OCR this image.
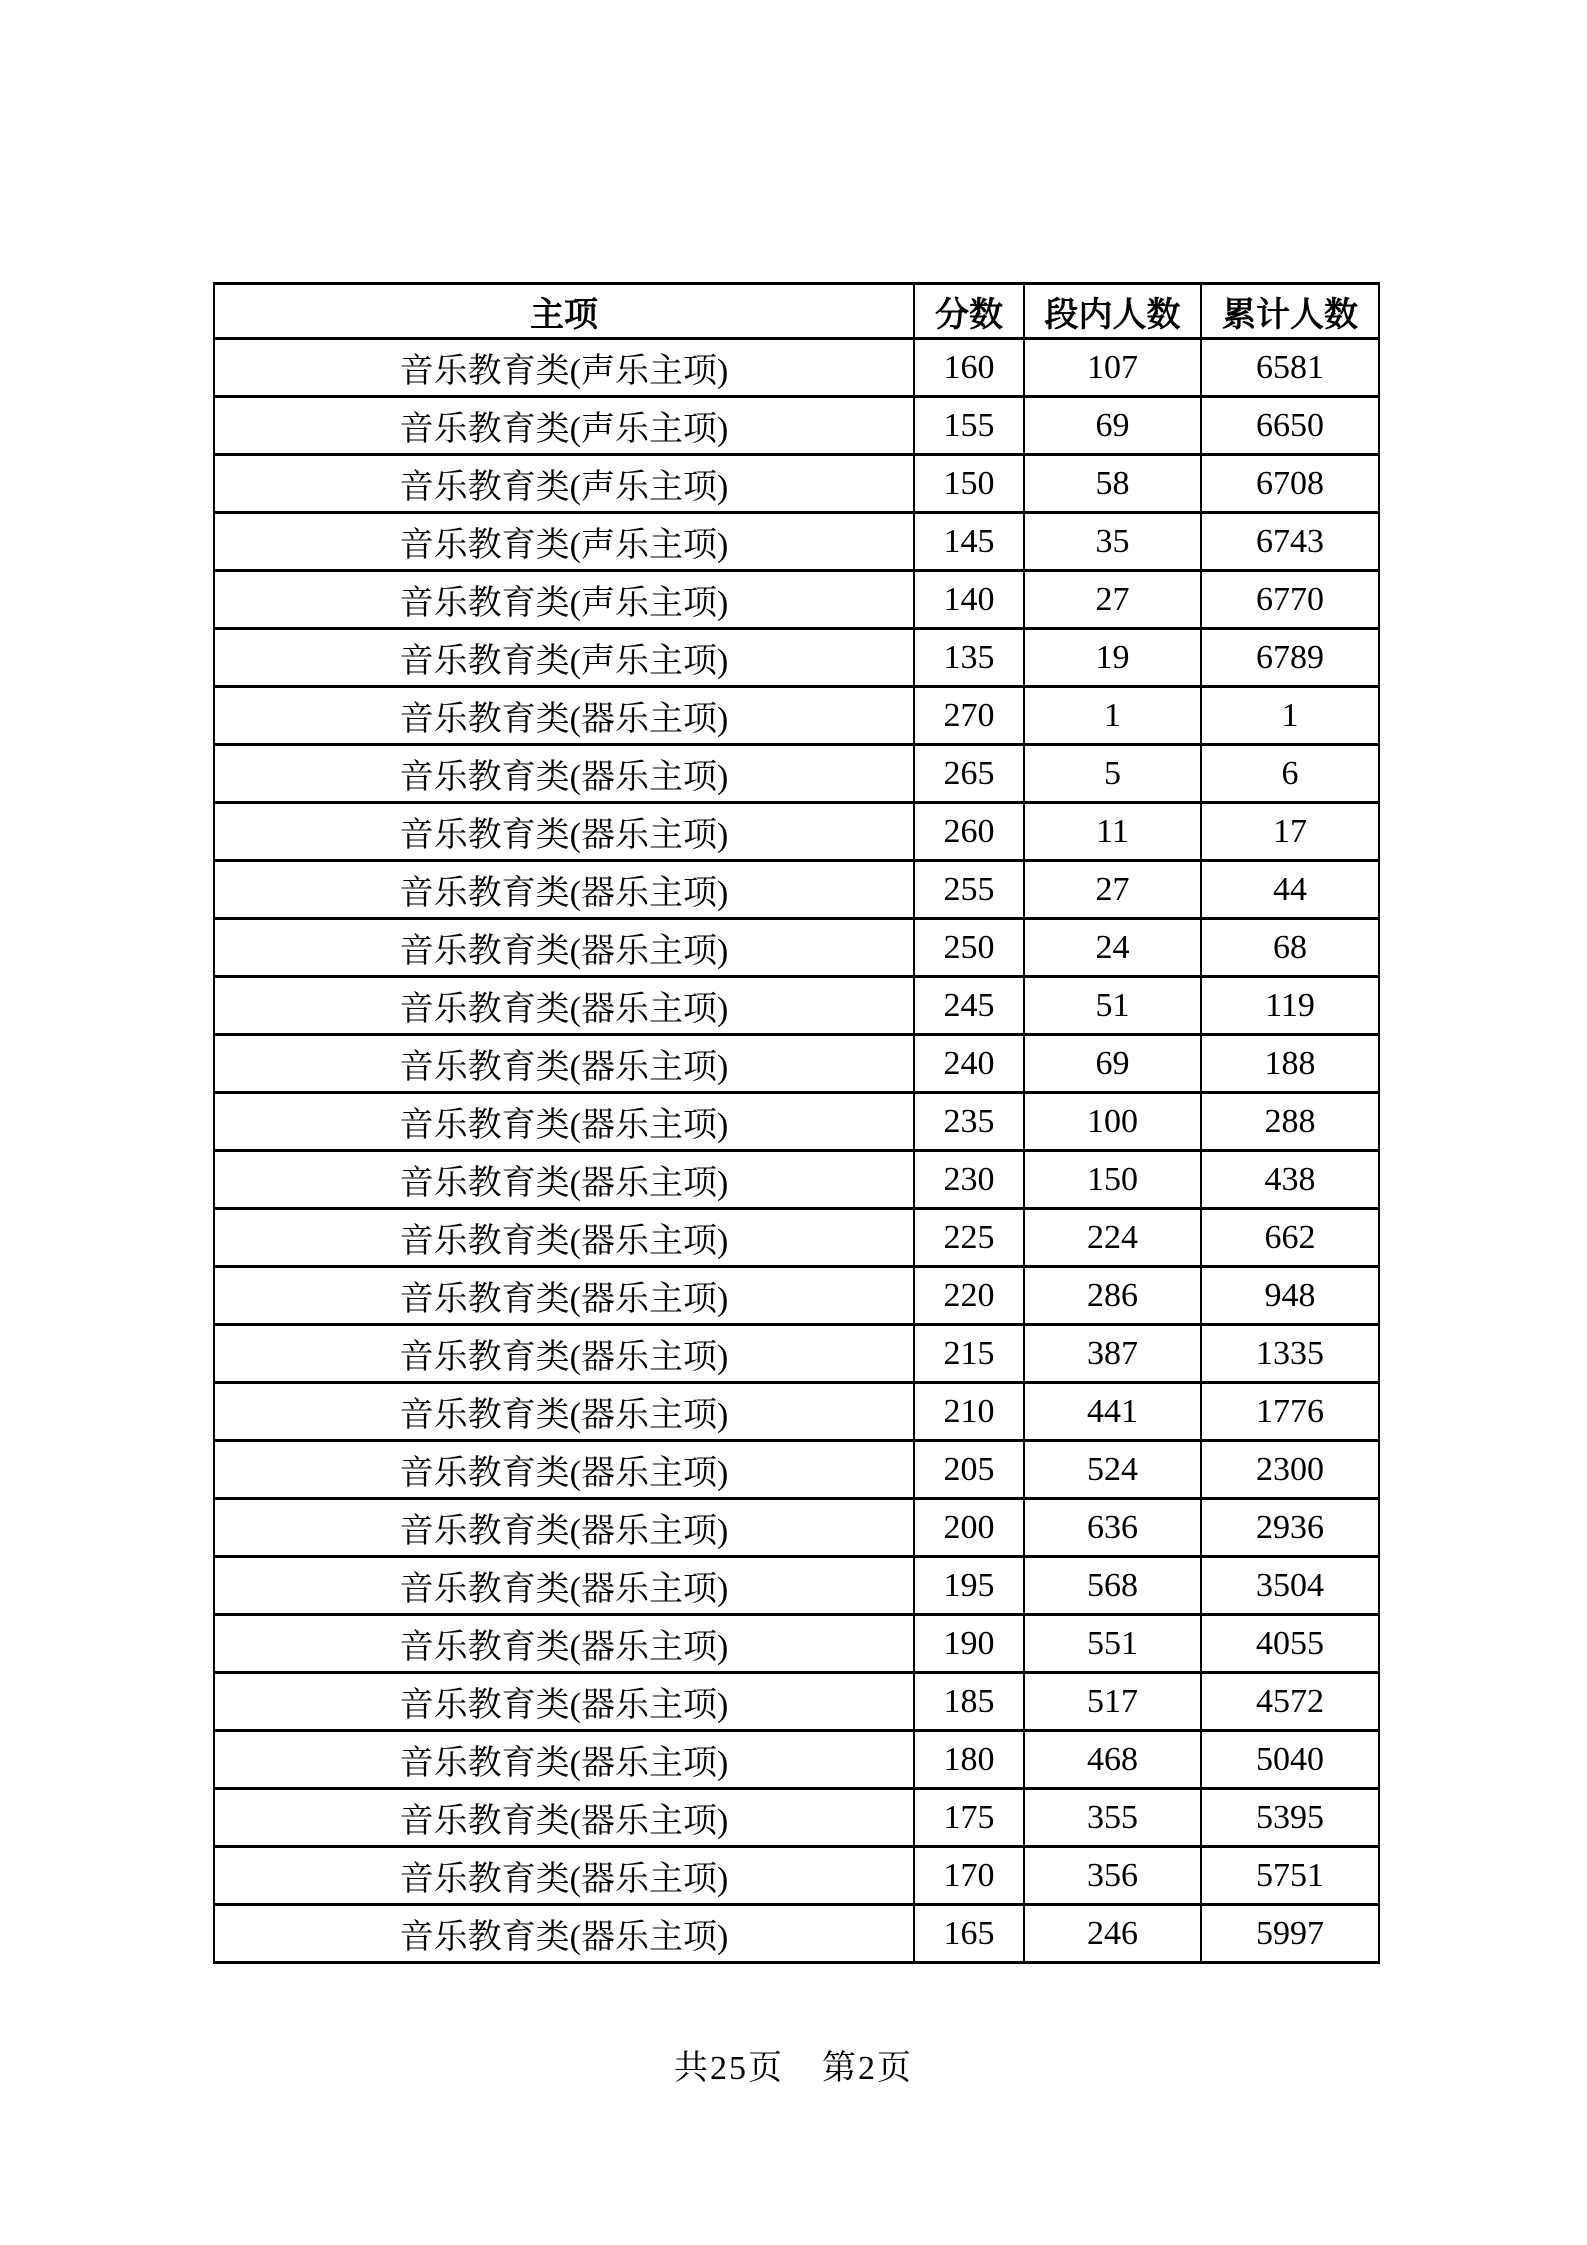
主项	分数	段内人数	累计人数
音乐教育类(声乐主项)	160	107	6581
音乐教育类(声乐主项)	155	69	6650
音乐教育类(声乐主项)	150	58	6708
音乐教育类(声乐主项)	145	35	6743
音乐教育类(声乐主项)	140	27	6770
音乐教育类(声乐主项)	135	19	6789
音乐教育类(器乐主项)	270	1	1
音乐教育类(器乐主项)	265	5	6
音乐教育类(器乐主项)	260	11	17
音乐教育类(器乐主项)	255	27	44
音乐教育类(器乐主项)	250	24	68
音乐教育类(器乐主项)	245	51	119
音乐教育类(器乐主项)	240	69	188
音乐教育类(器乐主项)	235	100	288
音乐教育类(器乐主项)	230	150	438
音乐教育类(器乐主项)	225	224	662
音乐教育类(器乐主项)	220	286	948
音乐教育类(器乐主项)	215	387	1335
音乐教育类(器乐主项)	210	441	1776
音乐教育类(器乐主项)	205	524	2300
音乐教育类(器乐主项)	200	636	2936
音乐教育类(器乐主项)	195	568	3504
音乐教育类(器乐主项)	190	551	4055
音乐教育类(器乐主项)	185	517	4572
音乐教育类(器乐主项)	180	468	5040
音乐教育类(器乐主项)	175	355	5395
音乐教育类(器乐主项)	170	356	5751
音乐教育类(器乐主项)	165	246	5997
共25页 第2页
